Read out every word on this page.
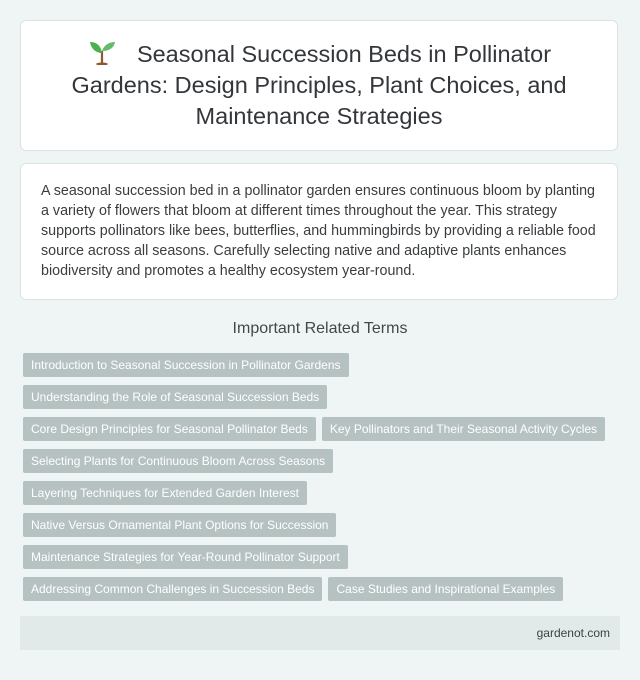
Seasonal Succession Beds in Pollinator Gardens: Design Principles, Plant Choices, and Maintenance Strategies

A seasonal succession bed in a pollinator garden ensures continuous bloom by planting a variety of flowers that bloom at different times throughout the year. This strategy supports pollinators like bees, butterflies, and hummingbirds by providing a reliable food source across all seasons. Carefully selecting native and adaptive plants enhances biodiversity and promotes a healthy ecosystem year-round.

Important Related Terms
Introduction to Seasonal Succession in Pollinator Gardens
Understanding the Role of Seasonal Succession Beds
Core Design Principles for Seasonal Pollinator Beds	Key Pollinators and Their Seasonal Activity Cycles
Selecting Plants for Continuous Bloom Across Seasons
Layering Techniques for Extended Garden Interest
Native Versus Ornamental Plant Options for Succession
Maintenance Strategies for Year-Round Pollinator Support
Addressing Common Challenges in Succession Beds	Case Studies and Inspirational Examples
gardenot.com
